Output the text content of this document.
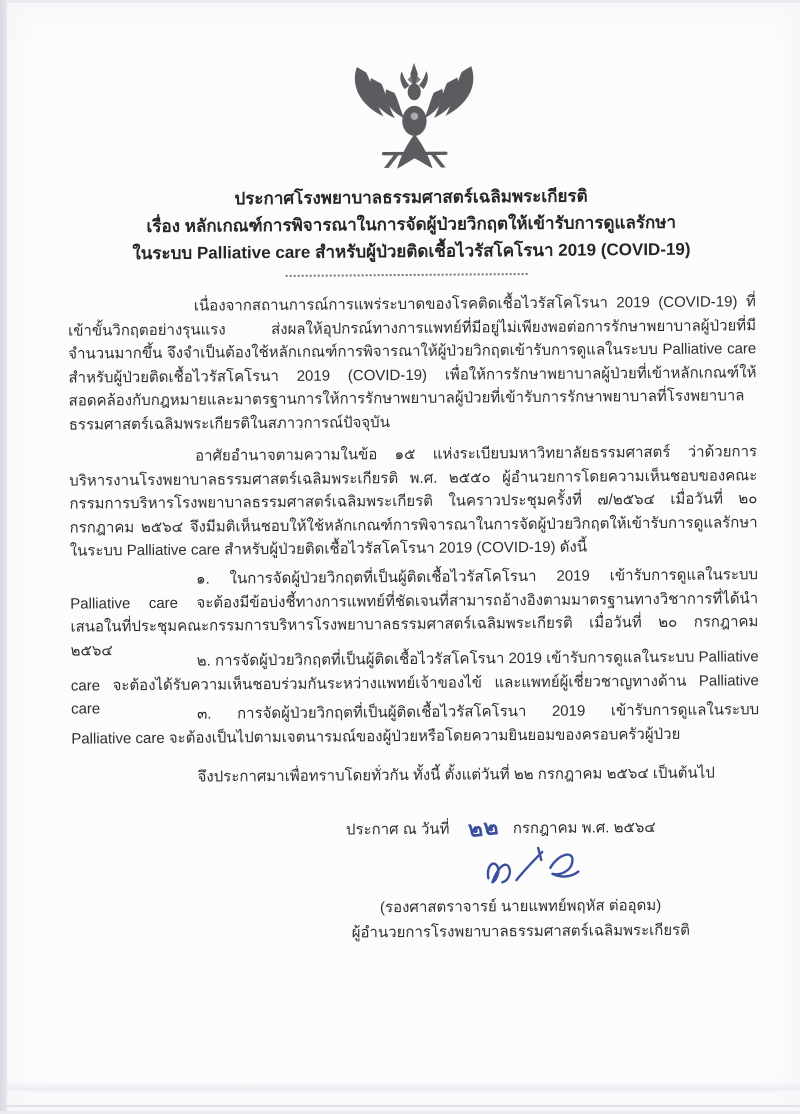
ประกาศโรงพยาบาลธรรมศาสตร์เฉลิมพระเกียรติ
เรื่อง หลักเกณฑ์การพิจารณาในการจัดผู้ป่วยวิกฤตให้เข้ารับการดูแลรักษา
ในระบบ Palliative care สำหรับผู้ป่วยติดเชื้อไวรัสโคโรนา 2019 (COVID-19)
เนื่องจากสถานการณ์การแพร่ระบาดของโรคติดเชื้อไวรัสโคโรนา 2019 (COVID-19) ที่เข้าขั้นวิกฤตอย่างรุนแรง ส่งผลให้อุปกรณ์ทางการแพทย์ที่มีอยู่ไม่เพียงพอต่อการรักษาพยาบาลผู้ป่วยที่มีจำนวนมากขึ้น จึงจำเป็นต้องใช้หลักเกณฑ์การพิจารณาให้ผู้ป่วยวิกฤตเข้ารับการดูแลในระบบ Palliative care สำหรับผู้ป่วยติดเชื้อไวรัสโคโรนา 2019 (COVID-19) เพื่อให้การรักษาพยาบาลผู้ป่วยที่เข้าหลักเกณฑ์ให้สอดคล้องกับกฎหมายและมาตรฐานการให้การรักษาพยาบาลผู้ป่วยที่เข้ารับการรักษาพยาบาลที่โรงพยาบาลธรรมศาสตร์เฉลิมพระเกียรติในสภาวการณ์ปัจจุบัน
อาศัยอำนาจตามความในข้อ ๑๕ แห่งระเบียบมหาวิทยาลัยธรรมศาสตร์ ว่าด้วยการบริหารงานโรงพยาบาลธรรมศาสตร์เฉลิมพระเกียรติ พ.ศ. ๒๕๕๐ ผู้อำนวยการโดยความเห็นชอบของคณะกรรมการบริหารโรงพยาบาลธรรมศาสตร์เฉลิมพระเกียรติ ในคราวประชุมครั้งที่ ๗/๒๕๖๔ เมื่อวันที่ ๒๐ กรกฎาคม ๒๕๖๔ จึงมีมติเห็นชอบให้ใช้หลักเกณฑ์การพิจารณาในการจัดผู้ป่วยวิกฤตให้เข้ารับการดูแลรักษาในระบบ Palliative care สำหรับผู้ป่วยติดเชื้อไวรัสโคโรนา 2019 (COVID-19) ดังนี้
๑. ในการจัดผู้ป่วยวิกฤตที่เป็นผู้ติดเชื้อไวรัสโคโรนา 2019 เข้ารับการดูแลในระบบ Palliative care จะต้องมีข้อบ่งชี้ทางการแพทย์ที่ชัดเจนที่สามารถอ้างอิงตามมาตรฐานทางวิชาการที่ได้นำเสนอในที่ประชุมคณะกรรมการบริหารโรงพยาบาลธรรมศาสตร์เฉลิมพระเกียรติ เมื่อวันที่ ๒๐ กรกฎาคม ๒๕๖๔	๒. การจัดผู้ป่วยวิกฤตที่เป็นผู้ติดเชื้อไวรัสโคโรนา 2019 เข้ารับการดูแลในระบบ Palliative care จะต้องได้รับความเห็นชอบร่วมกันระหว่างแพทย์เจ้าของไข้ และแพทย์ผู้เชี่ยวชาญทางด้าน Palliative care	๓. การจัดผู้ป่วยวิกฤตที่เป็นผู้ติดเชื้อไวรัสโคโรนา 2019 เข้ารับการดูแลในระบบ Palliative care จะต้องเป็นไปตามเจตนารมณ์ของผู้ป่วยหรือโดยความยินยอมของครอบครัวผู้ป่วย
จึงประกาศมาเพื่อทราบโดยทั่วกัน ทั้งนี้ ตั้งแต่วันที่ ๒๒ กรกฎาคม ๒๕๖๔ เป็นต้นไป
ประกาศ ณ วันที่ ๒๒ กรกฎาคม พ.ศ. ๒๕๖๔
(รองศาสตราจารย์ นายแพทย์พฤหัส ต่ออุดม)
ผู้อำนวยการโรงพยาบาลธรรมศาสตร์เฉลิมพระเกียรติ
